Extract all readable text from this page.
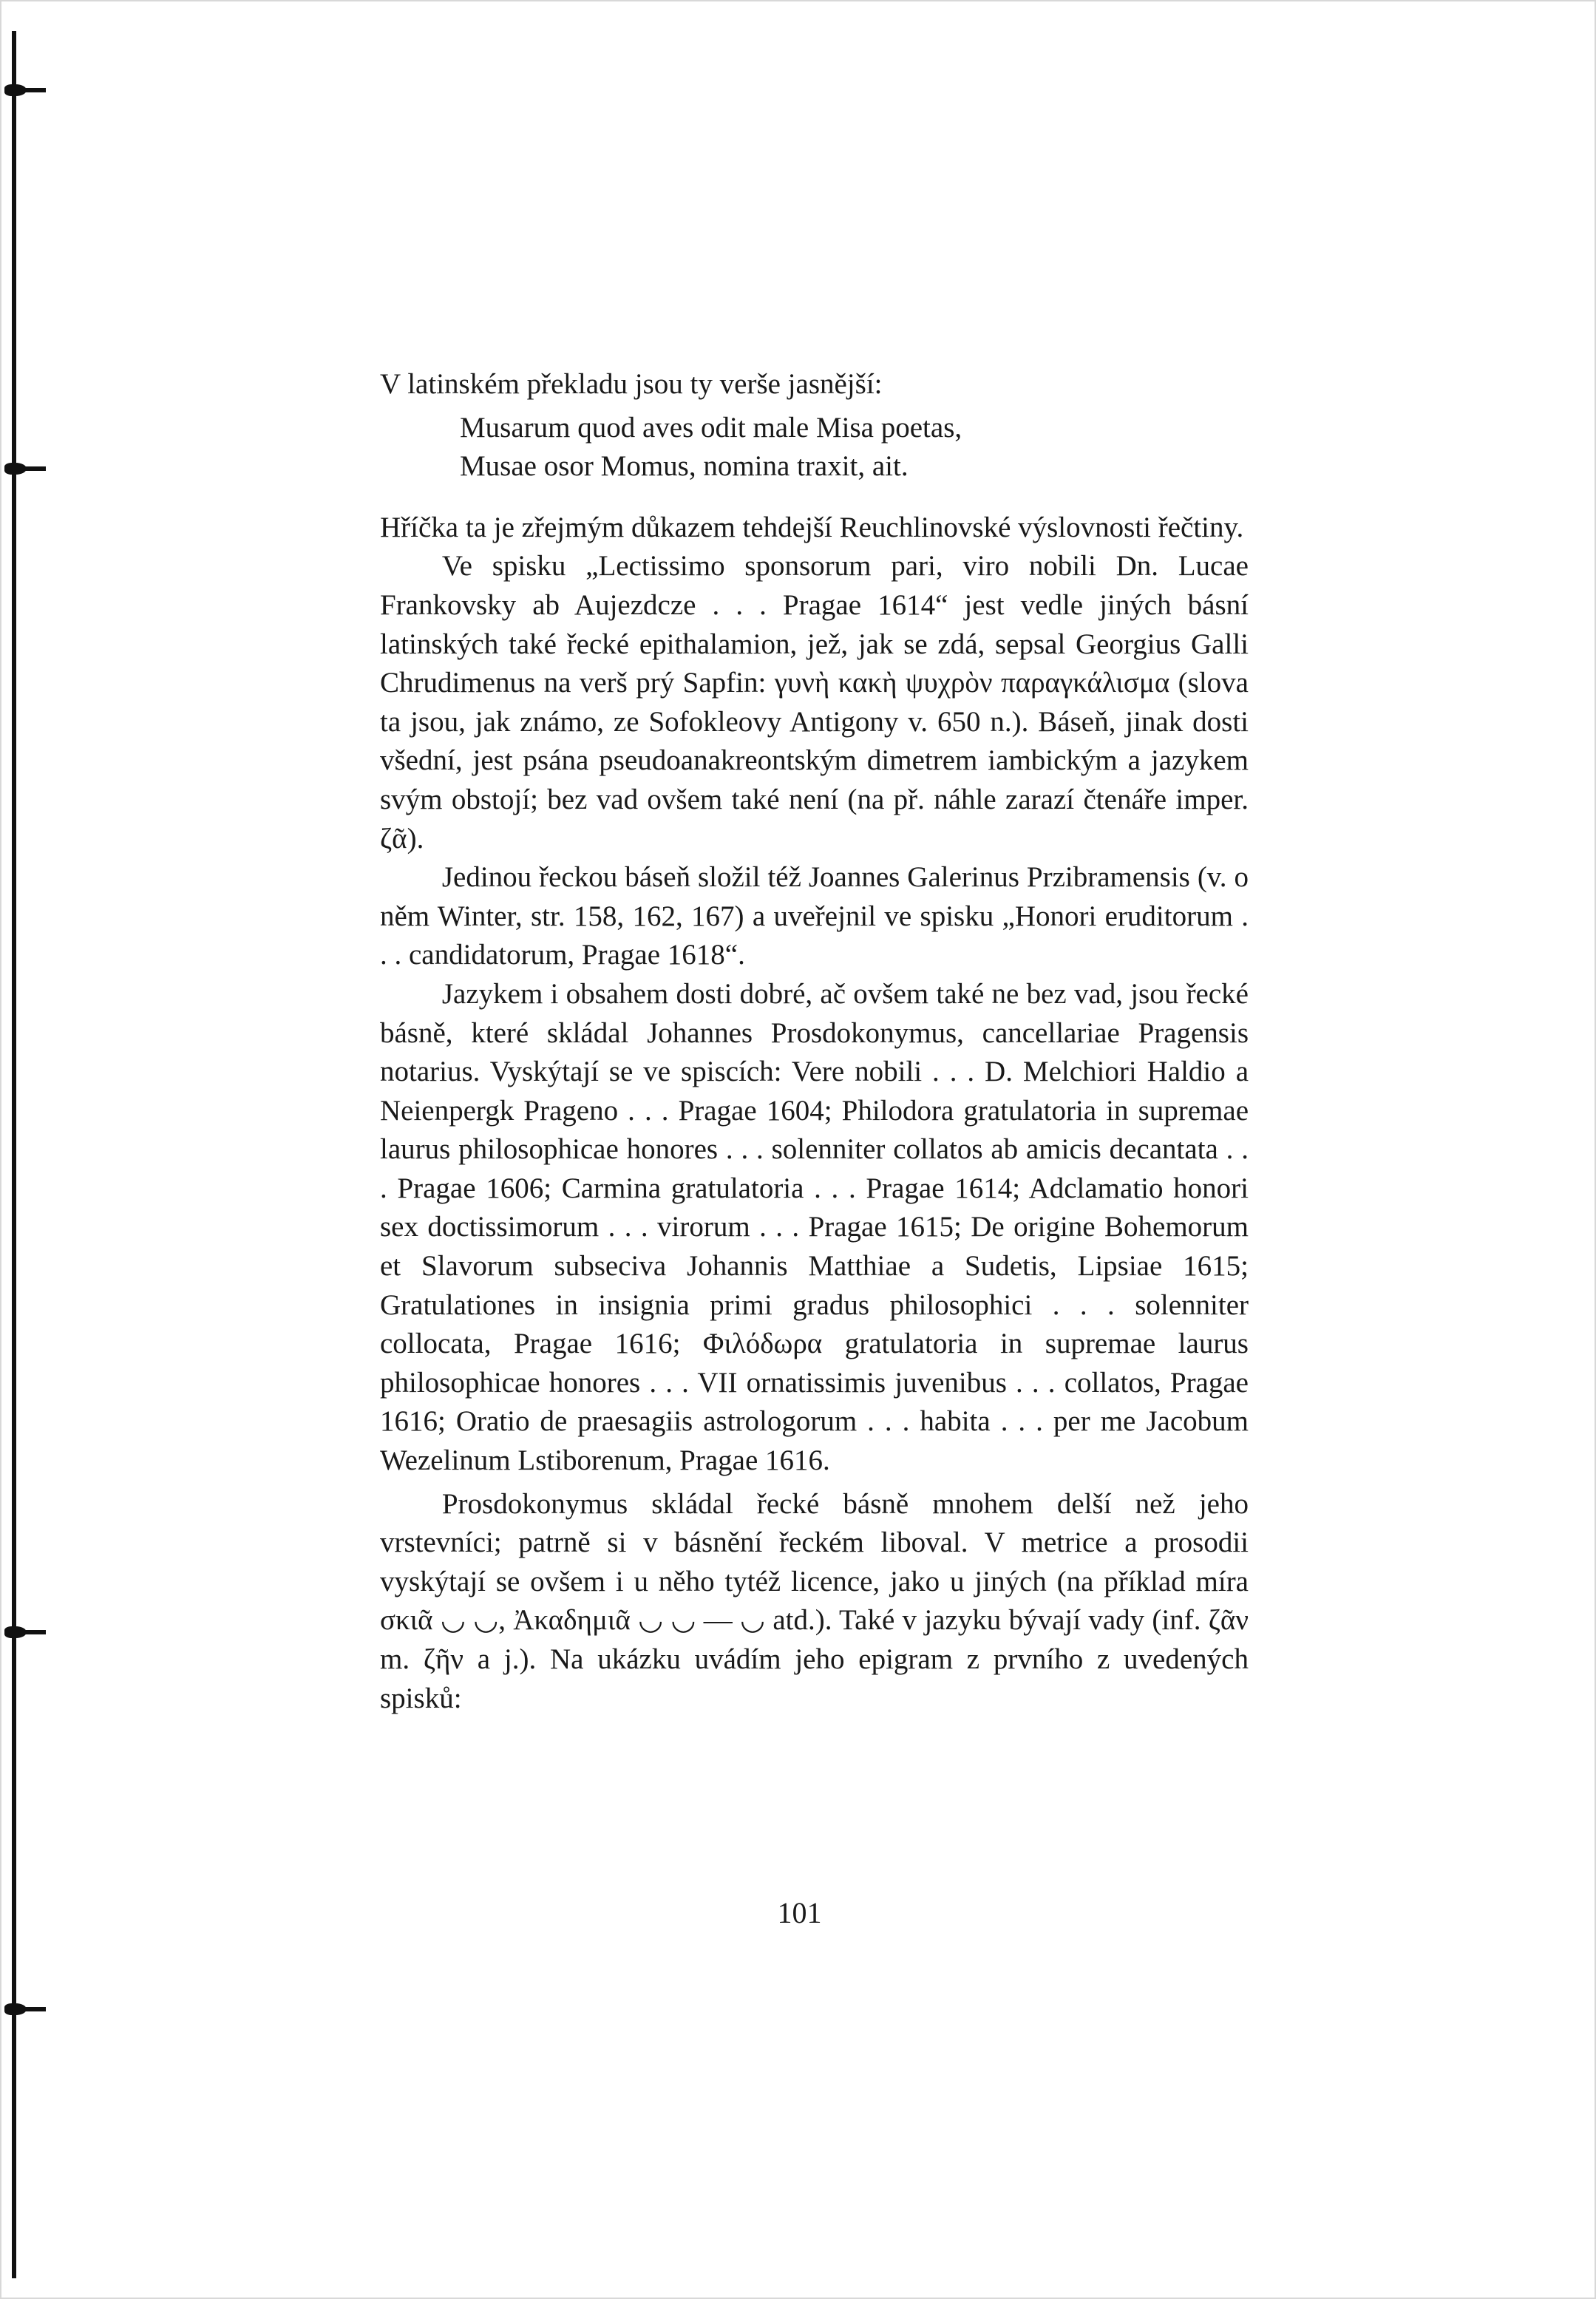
V latinském překladu jsou ty verše jasnější:

Musarum quod aves odit male Misa poetas,
Musae osor Momus, nomina traxit, ait.

Hříčka ta je zřejmým důkazem tehdejší Reuchlinovské výslovnosti řečtiny.

Ve spisku „Lectissimo sponsorum pari, viro nobili Dn. Lucae Frankovsky ab Aujezdcze . . . Pragae 1614“ jest vedle jiných básní latinských také řecké epithalamion, jež, jak se zdá, sepsal Georgius Galli Chrudimenus na verš prý Sapfin: γυνὴ κακὴ ψυχρὸν παραγκάλισμα (slova ta jsou, jak známo, ze Sofokleovy Antigony v. 650 n.). Báseň, jinak dosti všední, jest psána pseudoanakreontským dimetrem iambickým a jazykem svým obstojí; bez vad ovšem také není (na př. náhle zarazí čtenáře imper. ζᾶ).

Jedinou řeckou báseň složil též Joannes Galerinus Przibramensis (v. o něm Winter, str. 158, 162, 167) a uveřejnil ve spisku „Honori eruditorum . . . candidatorum, Pragae 1618“.

Jazykem i obsahem dosti dobré, ač ovšem také ne bez vad, jsou řecké básně, které skládal Johannes Prosdokonymus, cancellariae Pragensis notarius. Vyskýtají se ve spiscích: Vere nobili . . . D. Melchiori Haldio a Neienpergk Prageno . . . Pragae 1604; Philodora gratulatoria in supremae laurus philosophicae honores . . . solenniter collatos ab amicis decantata . . . Pragae 1606; Carmina gratulatoria . . . Pragae 1614; Adclamatio honori sex doctissimorum . . . virorum . . . Pragae 1615; De origine Bohemorum et Slavorum subseciva Johannis Matthiae a Sudetis, Lipsiae 1615; Gratulationes in insignia primi gradus philosophici . . . solenniter collocata, Pragae 1616; Φιλόδωρα gratulatoria in supremae laurus philosophicae honores . . . VII ornatissimis juvenibus . . . collatos, Pragae 1616; Oratio de praesagiis astrologorum . . . habita . . . per me Jacobum Wezelinum Lstiborenum, Pragae 1616.

Prosdokonymus skládal řecké básně mnohem delší než jeho vrstevníci; patrně si v básnění řeckém liboval. V metrice a prosodii vyskýtají se ovšem i u něho tytéž licence, jako u jiných (na příklad míra σκιᾶ ◡ ◡, Ἀκαδημιᾶ ◡ ◡ — ◡ atd.). Také v jazyku bývají vady (inf. ζᾶν m. ζῆν a j.). Na ukázku uvádím jeho epigram z prvního z uvedených spisků:

101
